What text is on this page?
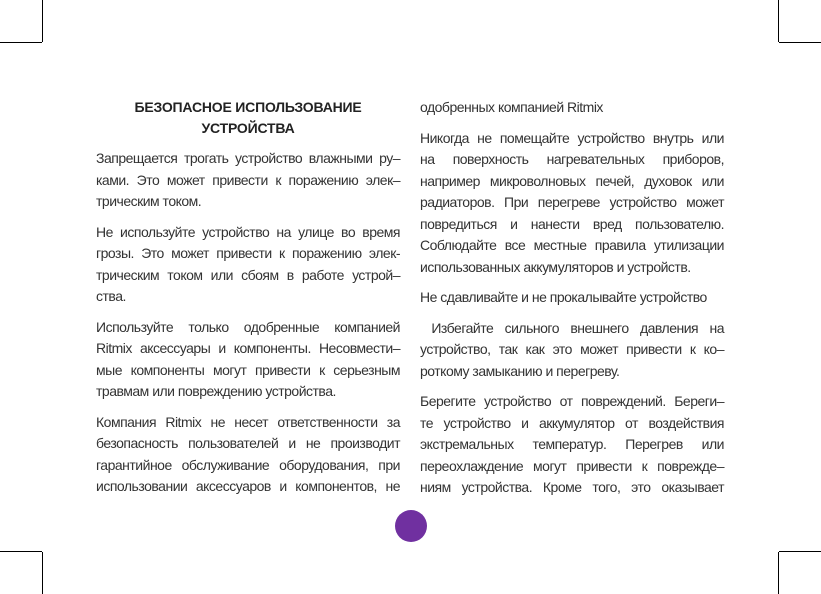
БЕЗОПАСНОЕ ИСПОЛЬЗОВАНИЕ
УСТРОЙСТВА
Запрещается трогать устройство влажными ру–
ками. Это может привести к поражению элек–
трическим током.
Не используйте устройство на улице во время
грозы. Это может привести к поражению элек-
трическим током или сбоям в работе устрой–
ства.
Используйте только одобренные компанией
Ritmix аксессуары и компоненты. Несовмести–
мые компоненты могут привести к серьезным
травмам или повреждению устройства.
Компания Ritmix не несет ответственности за
безопасность пользователей и не производит
гарантийное обслуживание оборудования, при
использовании аксессуаров и компонентов, не
одобренных компанией Ritmix
Никогда не помещайте устройство внутрь или
на поверхность нагревательных приборов,
например микроволновых печей, духовок или
радиаторов. При перегреве устройство может
повредиться и нанести вред пользователю.
Соблюдайте все местные правила утилизации
использованных аккумуляторов и устройств.
Не сдавливайте и не прокалывайте устройство
Избегайте сильного внешнего давления на
устройство, так как это может привести к ко–
роткому замыканию и перегреву.
Берегите устройство от повреждений. Береги–
те устройство и аккумулятор от воздействия
экстремальных температур. Перегрев или
переохлаждение могут привести к поврежде–
ниям устройства. Кроме того, это оказывает
